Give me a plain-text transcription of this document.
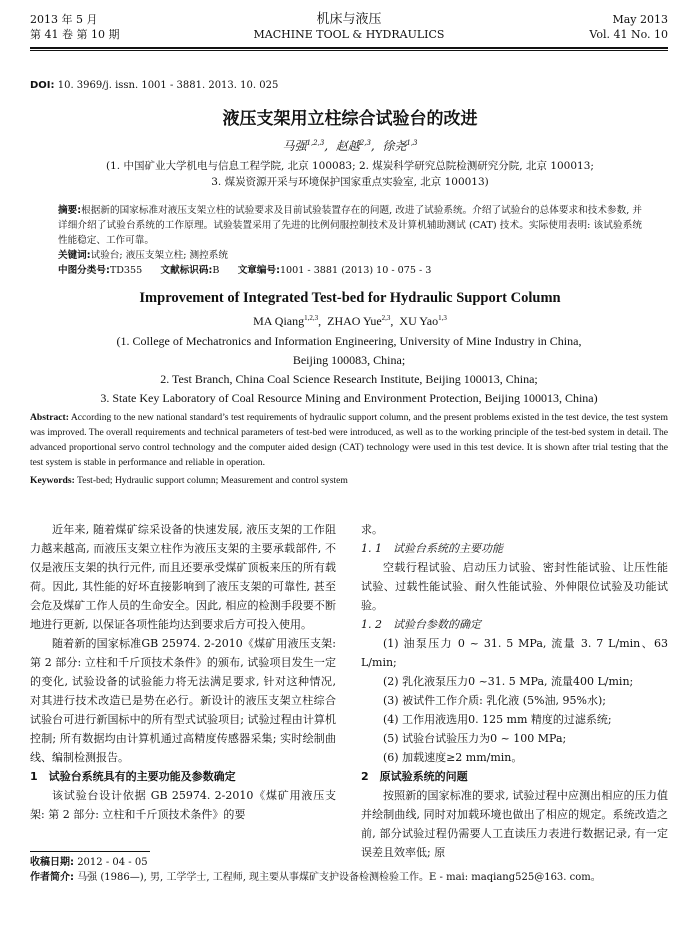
2013 年 5 月
第 41 卷 第 10 期
机床与液压
MACHINE TOOL & HYDRAULICS
May 2013
Vol. 41 No. 10
DOI: 10. 3969/j. issn. 1001 - 3881. 2013. 10. 025
液压支架用立柱综合试验台的改进
马强$^{1,2,3}$,  赵越$^{2,3}$,  徐尧$^{1,3}$
(1. 中国矿业大学机电与信息工程学院, 北京 100083; 2. 煤炭科学研究总院检测研究分院, 北京 100013;
3. 煤炭资源开采与环境保护国家重点实验室, 北京 100013)
摘要:根据新的国家标准对液压支架立柱的试验要求及目前试验装置存在的问题, 改进了试验系统。介绍了试验台的总体要求和技术参数, 并详细介绍了试验台系统的工作原理。试验装置采用了先进的比例伺服控制技术及计算机辅助测试 (CAT) 技术。实际使用表明: 该试验系统性能稳定、工作可靠。
关键词:试验台; 液压支架立柱; 测控系统
中图分类号:TD355 文献标识码:B 文章编号:1001 - 3881 (2013) 10 - 075 - 3
Improvement of Integrated Test-bed for Hydraulic Support Column
MA Qiang$^{1,2,3}$,  ZHAO Yue$^{2,3}$,  XU Yao$^{1,3}$
(1. College of Mechatronics and Information Engineering, University of Mine Industry in China,
Beijing 100083, China;
2. Test Branch, China Coal Science Research Institute, Beijing 100013, China;
3. State Key Laboratory of Coal Resource Mining and Environment Protection, Beijing 100013, China)
Abstract: According to the new national standard’s test requirements of hydraulic support column, and the present problems existed in the test device, the test system was improved. The overall requirements and technical parameters of test-bed were introduced, as well as to the working principle of the test-bed system in detail. The advanced proportional servo control technology and the computer aided design (CAT) technology were used in this test device. It is shown after trial testing that the test system is stable in performance and reliable in operation.
Keywords: Test-bed; Hydraulic support column; Measurement and control system

近年来, 随着煤矿综采设备的快速发展, 液压支架的工作阻力越来越高, 而液压支架立柱作为液压支架的主要承载部件, 不仅是液压支架的执行元件, 而且还要承受煤矿顶板来压的所有载荷。因此, 其性能的好坏直接影响到了液压支架的可靠性, 甚至会危及煤矿工作人员的生命安全。因此, 相应的检测手段要不断地进行更新, 以保证各项性能均达到要求后方可投入使用。

随着新的国家标准GB 25974. 2-2010《煤矿用液压支架: 第 2 部分: 立柱和千斤顶技术条件》的颁布, 试验项目发生一定的变化, 试验设备的试验能力将无法满足要求, 针对这种情况, 对其进行技术改造已是势在必行。新设计的液压支架立柱综合试验台可进行新国标中的所有型式试验项目; 试验过程由计算机控制; 所有数据均由计算机通过高精度传感器采集; 实时绘制曲线、编制检测报告。

1　试验台系统具有的主要功能及参数确定

该试验台设计依据 GB 25974. 2-2010《煤矿用液压支架: 第 2 部分: 立柱和千斤顶技术条件》的要

求。

1. 1　试验台系统的主要功能

空载行程试验、启动压力试验、密封性能试验、让压性能试验、过载性能试验、耐久性能试验、外伸限位试验及功能试验。

1. 2　试验台参数的确定

(1) 油泵压力 0 ~ 31. 5 MPa, 流量 3. 7 L/min、63 L/min;

(2) 乳化液泵压力0 ~31. 5 MPa, 流量400 L/min;

(3) 被试件工作介质: 乳化液 (5%油, 95%水);

(4) 工作用液选用0. 125 mm 精度的过滤系统;

(5) 试验台试验压力为0 ~ 100 MPa;

(6) 加载速度≥2 mm/min。

2　原试验系统的问题

按照新的国家标准的要求, 试验过程中应测出相应的压力值并绘制曲线, 同时对加载环境也做出了相应的规定。系统改造之前, 部分试验过程仍需要人工直读压力表进行数据记录, 有一定误差且效率低; 原

收稿日期: 2012 - 04 - 05
作者简介: 马强 (1986—), 男, 工学学士, 工程师, 现主要从事煤矿支护设备检测检验工作。E - mai: maqiang525@163. com。
